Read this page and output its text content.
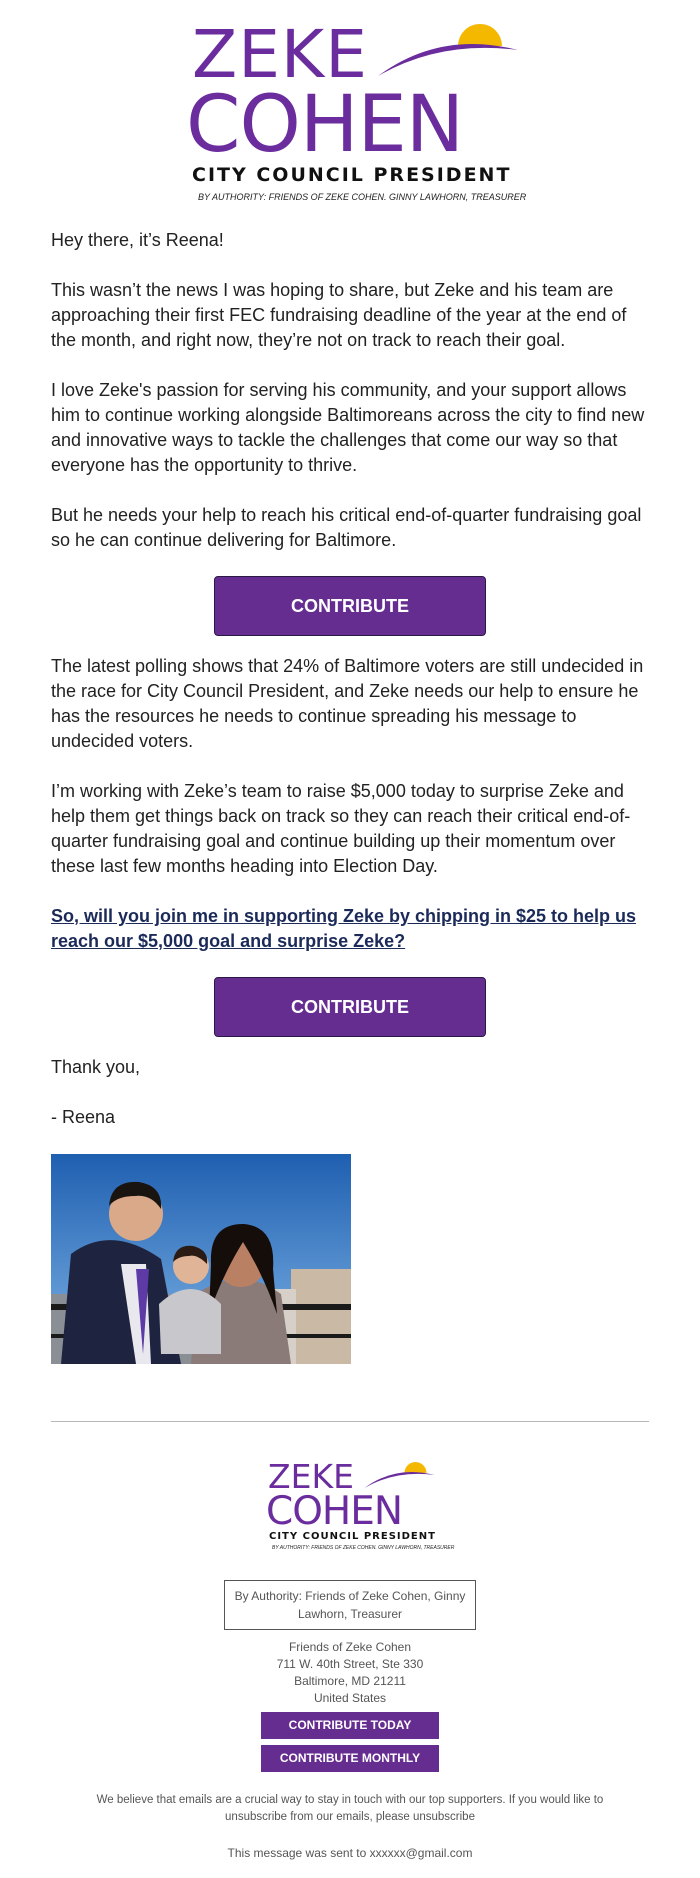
ZEKE
COHEN
CITY COUNCIL PRESIDENT
BY AUTHORITY: FRIENDS OF ZEKE COHEN. GINNY LAWHORN, TREASURER

Hey there, it’s Reena!

This wasn’t the news I was hoping to share, but Zeke and his team are approaching their first FEC fundraising deadline of the year at the end of the month, and right now, they’re not on track to reach their goal.

I love Zeke's passion for serving his community, and your support allows him to continue working alongside Baltimoreans across the city to find new and innovative ways to tackle the challenges that come our way so that everyone has the opportunity to thrive.

But he needs your help to reach his critical end-of-quarter fundraising goal so he can continue delivering for Baltimore.

CONTRIBUTE

The latest polling shows that 24% of Baltimore voters are still undecided in the race for City Council President, and Zeke needs our help to ensure he has the resources he needs to continue spreading his message to undecided voters.

I’m working with Zeke’s team to raise $5,000 today to surprise Zeke and help them get things back on track so they can reach their critical end-of-quarter fundraising goal and continue building up their momentum over these last few months heading into Election Day.

So, will you join me in supporting Zeke by chipping in $25 to help us reach our $5,000 goal and surprise Zeke?

CONTRIBUTE

Thank you,

- Reena

ZEKE
COHEN
CITY COUNCIL PRESIDENT
BY AUTHORITY: FRIENDS OF ZEKE COHEN. GINNY LAWHORN, TREASURER
By Authority: Friends of Zeke Cohen, Ginny Lawhorn, Treasurer
Friends of Zeke Cohen
711 W. 40th Street, Ste 330
Baltimore, MD 21211
United States
CONTRIBUTE TODAY
CONTRIBUTE MONTHLY
We believe that emails are a crucial way to stay in touch with our top supporters. If you would like to unsubscribe from our emails, please unsubscribe
This message was sent to xxxxxx@gmail.com
